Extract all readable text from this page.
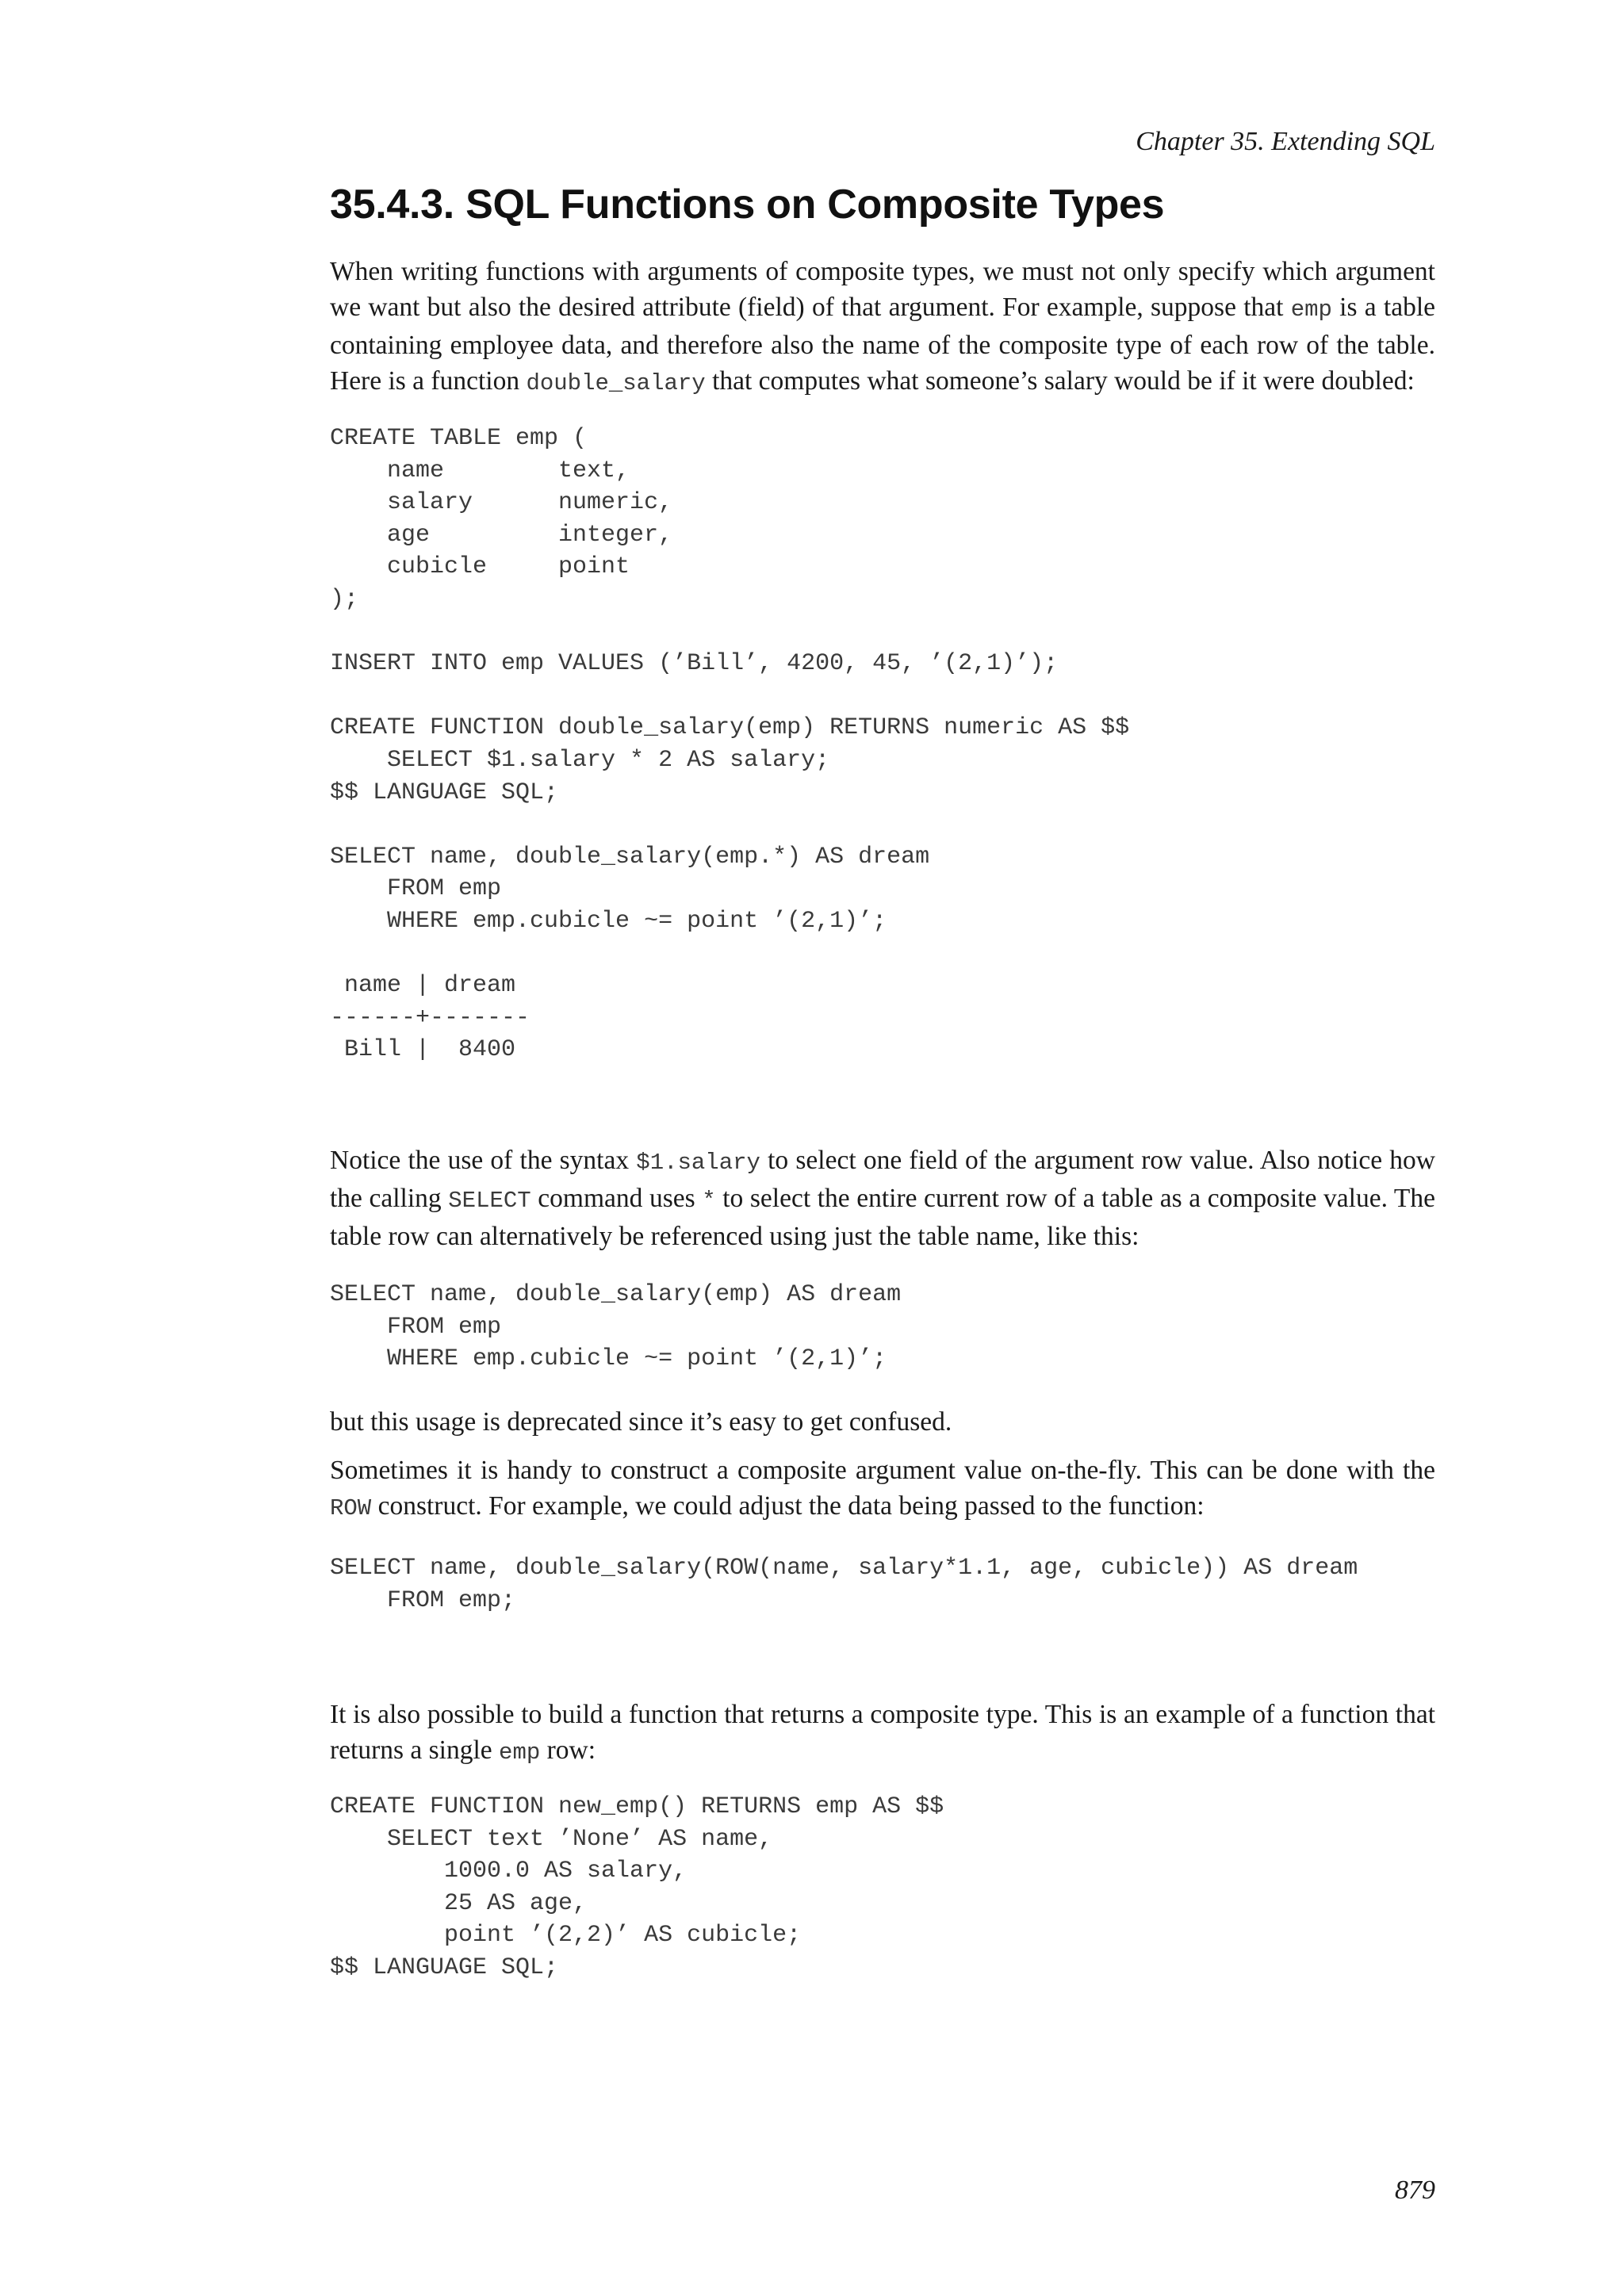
Chapter 35. Extending SQL
35.4.3. SQL Functions on Composite Types

When writing functions with arguments of composite types, we must not only specify which argument we want but also the desired attribute (field) of that argument. For example, suppose that emp is a table containing employee data, and therefore also the name of the composite type of each row of the table. Here is a function double_salary that computes what someone’s salary would be if it were doubled:

CREATE TABLE emp (
name        text,
salary      numeric,
age         integer,
cubicle     point
);

INSERT INTO emp VALUES (’Bill’, 4200, 45, ’(2,1)’);

CREATE FUNCTION double_salary(emp) RETURNS numeric AS $$
SELECT $1.salary * 2 AS salary;
$$ LANGUAGE SQL;

SELECT name, double_salary(emp.*) AS dream
FROM emp
WHERE emp.cubicle ~= point ’(2,1)’;

name | dream
------+-------
Bill |  8400

Notice the use of the syntax $1.salary to select one field of the argument row value. Also notice how the calling SELECT command uses * to select the entire current row of a table as a composite value. The table row can alternatively be referenced using just the table name, like this:

SELECT name, double_salary(emp) AS dream
FROM emp
WHERE emp.cubicle ~= point ’(2,1)’;

but this usage is deprecated since it’s easy to get confused.

Sometimes it is handy to construct a composite argument value on-the-fly. This can be done with the ROW construct. For example, we could adjust the data being passed to the function:

SELECT name, double_salary(ROW(name, salary*1.1, age, cubicle)) AS dream
FROM emp;

It is also possible to build a function that returns a composite type. This is an example of a function that returns a single emp row:

CREATE FUNCTION new_emp() RETURNS emp AS $$
SELECT text ’None’ AS name,
1000.0 AS salary,
25 AS age,
point ’(2,2)’ AS cubicle;
$$ LANGUAGE SQL;
879
